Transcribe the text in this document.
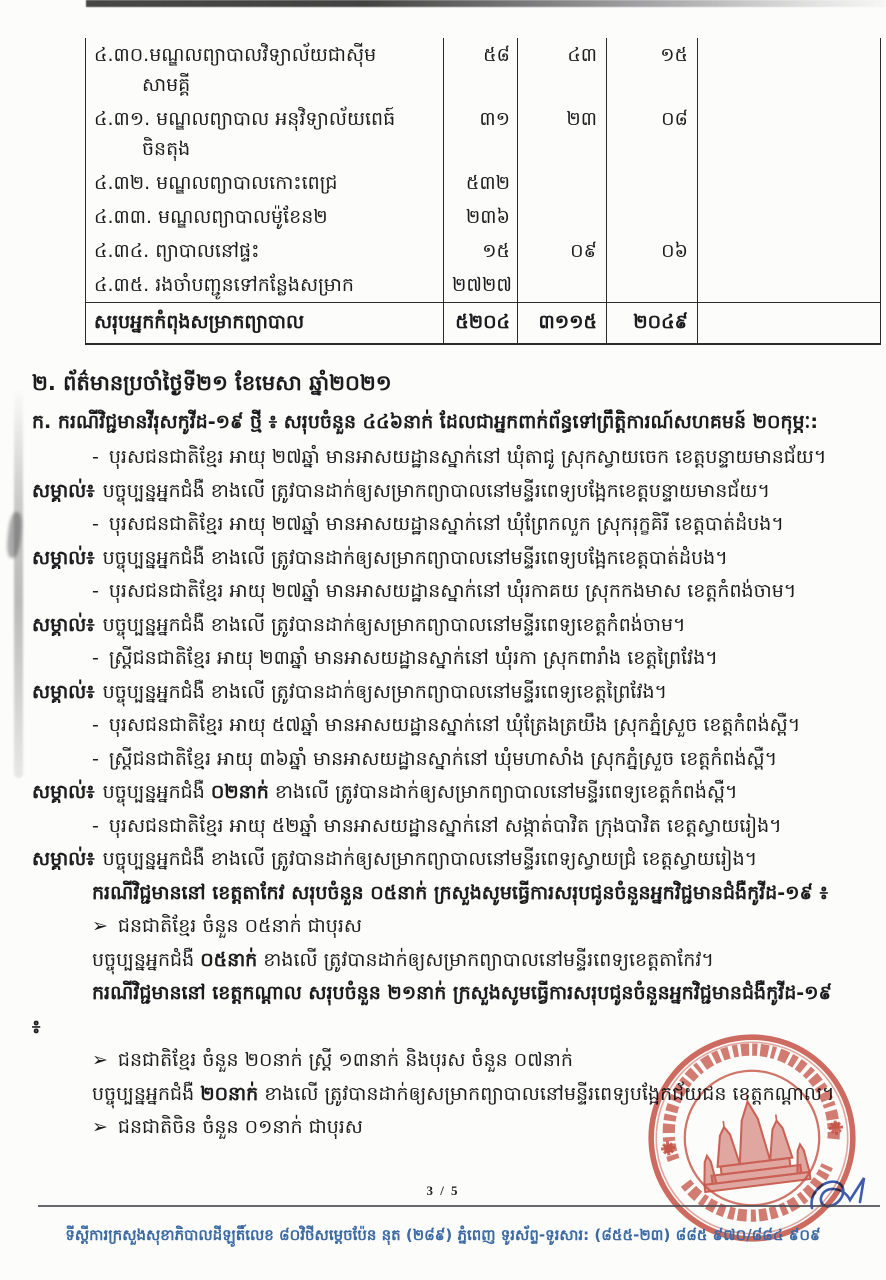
៤.៣០.មណ្ឌលព្យាបាលវិទ្យាល័យជាស៊ីម
សាមគ្គី	៥៨	៤៣	១៥	

៤.៣១. មណ្ឌលព្យាបាល អនុវិទ្យាល័យពេធ៍
ចិនតុង	៣១	២៣	០៨	
៤.៣២. មណ្ឌលព្យាបាលកោះពេជ្រ	៥៣២			
៤.៣៣. មណ្ឌលព្យាបាលម៉ូខែន២	២៣៦			
៤.៣៤. ព្យាបាលនៅផ្ទះ	១៥	០៩	០៦	
៤.៣៥. រងចាំបញ្ជូនទៅកន្លែងសម្រាក	២៧២៧			
សរុបអ្នកកំពុងសម្រាកព្យាបាល	៥២០៤	៣១១៥	២០៤៩	
២. ព័ត៌មានប្រចាំថ្ងៃទី២១ ខែមេសា ឆ្នាំ២០២១
ក. ករណីវិជ្ជមានវីរុសកូវីដ-១៩ ថ្មី ៖ សរុបចំនួន ៤៤៦នាក់ ដែលជាអ្នកពាក់ព័ន្ធទៅព្រឹត្តិការណ៍សហគមន៍ ២០កុម្ភៈ:

- បុរសជនជាតិខ្មែរ អាយុ ២៧ឆ្នាំ មានអាសយដ្ឋានស្នាក់នៅ ឃុំតាជូ ស្រុកស្វាយចេក ខេត្តបន្ទាយមានជ័យ។

សម្គាល់៖ បច្ចុប្បន្នអ្នកជំងឺ ខាងលើ ត្រូវបានដាក់ឲ្យសម្រាកព្យាបាលនៅមន្ទីរពេទ្យបង្អែកខេត្តបន្ទាយមានជ័យ។

- បុរសជនជាតិខ្មែរ អាយុ ២៧ឆ្នាំ មានអាសយដ្ឋានស្នាក់នៅ ឃុំព្រែកលួក ស្រុករុក្ខគិរី ខេត្តបាត់ដំបង។

សម្គាល់៖ បច្ចុប្បន្នអ្នកជំងឺ ខាងលើ ត្រូវបានដាក់ឲ្យសម្រាកព្យាបាលនៅមន្ទីរពេទ្យបង្អែកខេត្តបាត់ដំបង។

- បុរសជនជាតិខ្មែរ អាយុ ២៧ឆ្នាំ មានអាសយដ្ឋានស្នាក់នៅ ឃុំរកាគយ ស្រុកកងមាស ខេត្តកំពង់ចាម។

សម្គាល់៖ បច្ចុប្បន្នអ្នកជំងឺ ខាងលើ ត្រូវបានដាក់ឲ្យសម្រាកព្យាបាលនៅមន្ទីរពេទ្យខេត្តកំពង់ចាម។

- ស្រ្តីជនជាតិខ្មែរ អាយុ ២៣ឆ្នាំ មានអាសយដ្ឋានស្នាក់នៅ ឃុំរកា ស្រុកពារាំង ខេត្តព្រៃវែង។

សម្គាល់៖ បច្ចុប្បន្នអ្នកជំងឺ ខាងលើ ត្រូវបានដាក់ឲ្យសម្រាកព្យាបាលនៅមន្ទីរពេទ្យខេត្តព្រៃវែង។

- បុរសជនជាតិខ្មែរ អាយុ ៥៧ឆ្នាំ មានអាសយដ្ឋានស្នាក់នៅ ឃុំត្រែងត្រយឹង ស្រុកភ្នំស្រួច ខេត្តកំពង់ស្ពឺ។

- ស្រ្តីជនជាតិខ្មែរ អាយុ ៣៦ឆ្នាំ មានអាសយដ្ឋានស្នាក់នៅ ឃុំមហាសាំង ស្រុកភ្នំស្រួច ខេត្តកំពង់ស្ពឺ។

សម្គាល់៖ បច្ចុប្បន្នអ្នកជំងឺ ០២នាក់ ខាងលើ ត្រូវបានដាក់ឲ្យសម្រាកព្យាបាលនៅមន្ទីរពេទ្យខេត្តកំពង់ស្ពឺ។

- បុរសជនជាតិខ្មែរ អាយុ ៥២ឆ្នាំ មានអាសយដ្ឋានស្នាក់នៅ សង្កាត់បាវិត ក្រុងបាវិត ខេត្តស្វាយរៀង។

សម្គាល់៖ បច្ចុប្បន្នអ្នកជំងឺ ខាងលើ ត្រូវបានដាក់ឲ្យសម្រាកព្យាបាលនៅមន្ទីរពេទ្យស្វាយជ្រំ ខេត្តស្វាយរៀង។

ករណីវិជ្ជមាននៅ ខេត្តតាកែវ សរុបចំនួន ០៥នាក់ ក្រសួងសូមធ្វើការសរុបជូនចំនួនអ្នកវិជ្ជមានជំងឺកូវីដ-១៩ ៖

➢ ជនជាតិខ្មែរ ចំនួន ០៥នាក់ ជាបុរស

បច្ចុប្បន្នអ្នកជំងឺ ០៥នាក់ ខាងលើ ត្រូវបានដាក់ឲ្យសម្រាកព្យាបាលនៅមន្ទីរពេទ្យខេត្តតាកែវ។

ករណីវិជ្ជមាននៅ ខេត្តកណ្តាល សរុបចំនួន ២១នាក់ ក្រសួងសូមធ្វើការសរុបជូនចំនួនអ្នកវិជ្ជមានជំងឺកូវីដ-១៩ ៖

➢ ជនជាតិខ្មែរ ចំនួន ២០នាក់ ស្រ្តី ១៣នាក់ និងបុរស ចំនួន ០៧នាក់

បច្ចុប្បន្នអ្នកជំងឺ ២០នាក់ ខាងលើ ត្រូវបានដាក់ឲ្យសម្រាកព្យាបាលនៅមន្ទីរពេទ្យបង្អែកជ័យជន ខេត្តកណ្តាល។

➢ ជនជាតិចិន ចំនួន ០១នាក់ ជាបុរស

3 / 5
ទីស្តីការក្រសួងសុខាភិបាលដីឡូតិ៍លេខ ៨០វិថីសម្តេចប៉ែន នុត (២៨៩) ភ្នំពេញ ទូរស័ព្ទ-ទូរសារ: (៨៥៥-២៣) ៨៨៥ ៩៧០/៨៨៤ ៩០៩
